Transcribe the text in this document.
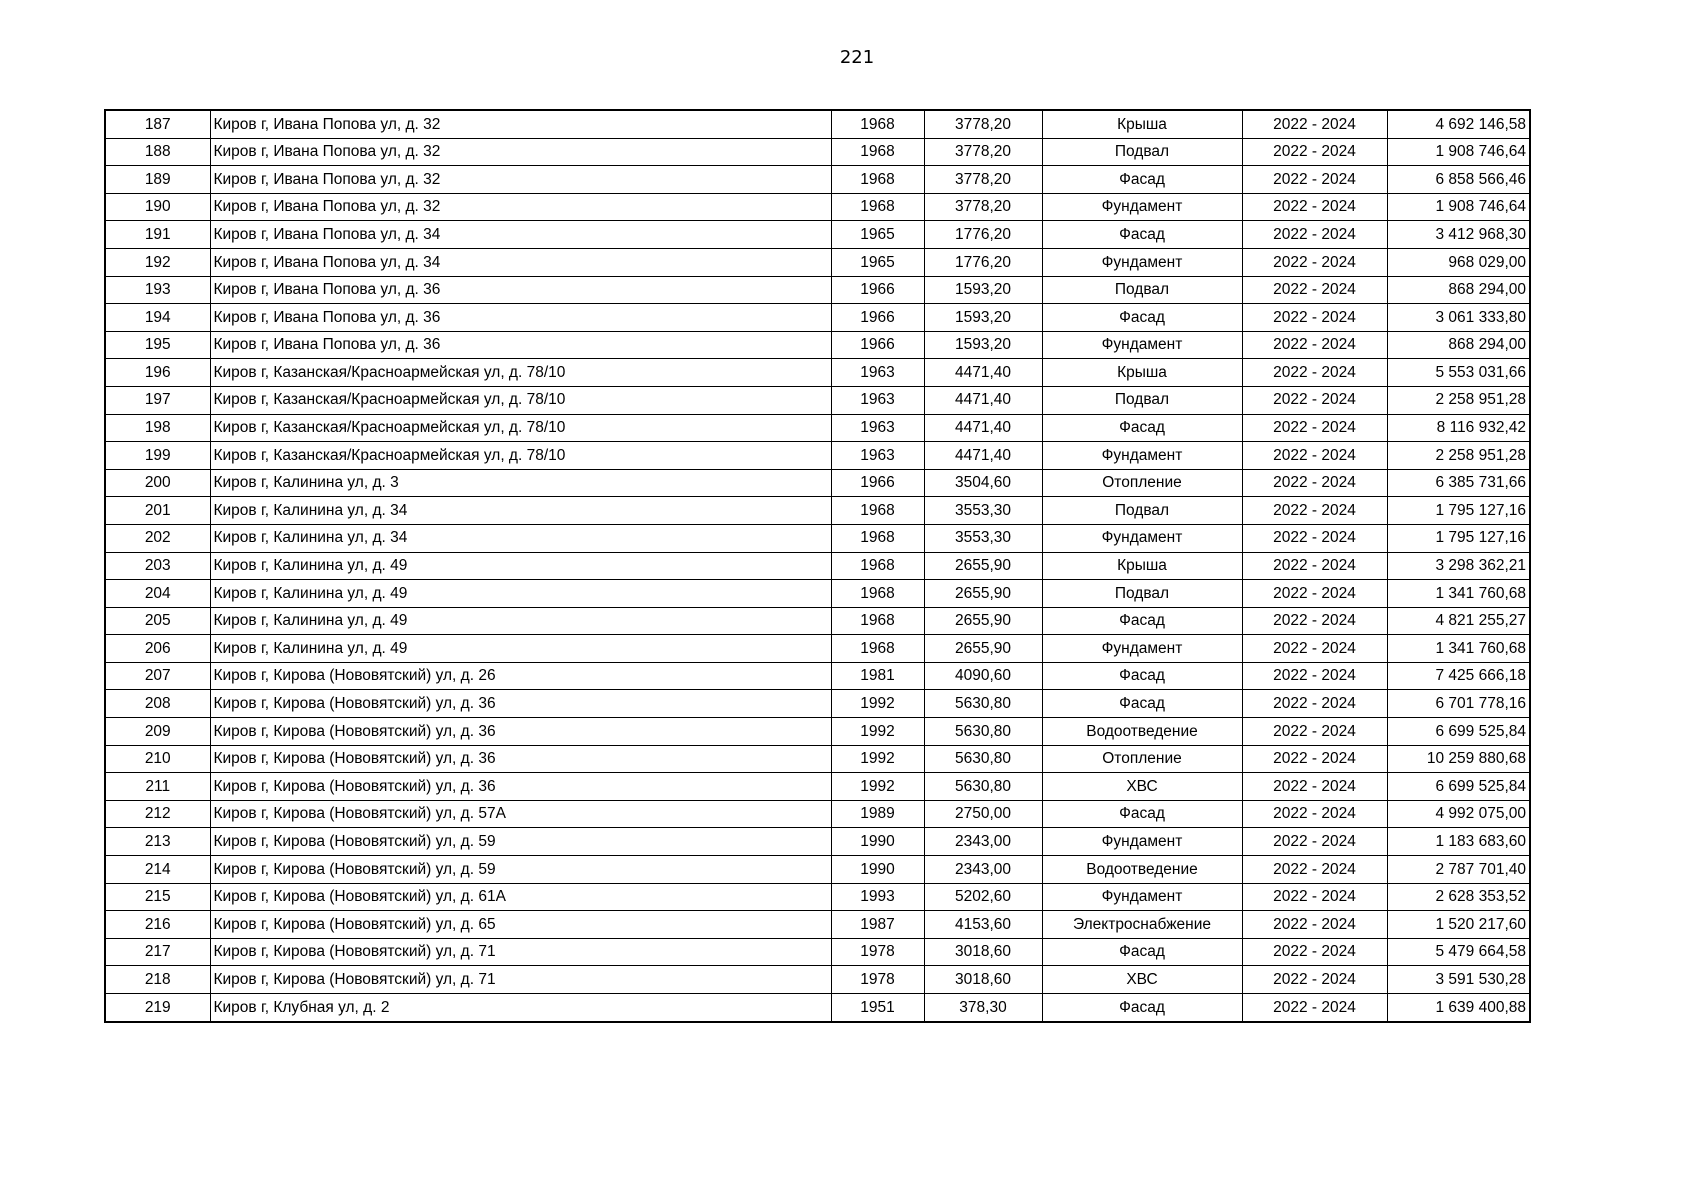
221
187	Киров г, Ивана Попова ул, д. 32	1968	3778,20	Крыша	2022 - 2024	4 692 146,58
188	Киров г, Ивана Попова ул, д. 32	1968	3778,20	Подвал	2022 - 2024	1 908 746,64
189	Киров г, Ивана Попова ул, д. 32	1968	3778,20	Фасад	2022 - 2024	6 858 566,46
190	Киров г, Ивана Попова ул, д. 32	1968	3778,20	Фундамент	2022 - 2024	1 908 746,64
191	Киров г, Ивана Попова ул, д. 34	1965	1776,20	Фасад	2022 - 2024	3 412 968,30
192	Киров г, Ивана Попова ул, д. 34	1965	1776,20	Фундамент	2022 - 2024	968 029,00
193	Киров г, Ивана Попова ул, д. 36	1966	1593,20	Подвал	2022 - 2024	868 294,00
194	Киров г, Ивана Попова ул, д. 36	1966	1593,20	Фасад	2022 - 2024	3 061 333,80
195	Киров г, Ивана Попова ул, д. 36	1966	1593,20	Фундамент	2022 - 2024	868 294,00
196	Киров г, Казанская/Красноармейская ул, д. 78/10	1963	4471,40	Крыша	2022 - 2024	5 553 031,66
197	Киров г, Казанская/Красноармейская ул, д. 78/10	1963	4471,40	Подвал	2022 - 2024	2 258 951,28
198	Киров г, Казанская/Красноармейская ул, д. 78/10	1963	4471,40	Фасад	2022 - 2024	8 116 932,42
199	Киров г, Казанская/Красноармейская ул, д. 78/10	1963	4471,40	Фундамент	2022 - 2024	2 258 951,28
200	Киров г, Калинина ул, д. 3	1966	3504,60	Отопление	2022 - 2024	6 385 731,66
201	Киров г, Калинина ул, д. 34	1968	3553,30	Подвал	2022 - 2024	1 795 127,16
202	Киров г, Калинина ул, д. 34	1968	3553,30	Фундамент	2022 - 2024	1 795 127,16
203	Киров г, Калинина ул, д. 49	1968	2655,90	Крыша	2022 - 2024	3 298 362,21
204	Киров г, Калинина ул, д. 49	1968	2655,90	Подвал	2022 - 2024	1 341 760,68
205	Киров г, Калинина ул, д. 49	1968	2655,90	Фасад	2022 - 2024	4 821 255,27
206	Киров г, Калинина ул, д. 49	1968	2655,90	Фундамент	2022 - 2024	1 341 760,68
207	Киров г, Кирова (Нововятский) ул, д. 26	1981	4090,60	Фасад	2022 - 2024	7 425 666,18
208	Киров г, Кирова (Нововятский) ул, д. 36	1992	5630,80	Фасад	2022 - 2024	6 701 778,16
209	Киров г, Кирова (Нововятский) ул, д. 36	1992	5630,80	Водоотведение	2022 - 2024	6 699 525,84
210	Киров г, Кирова (Нововятский) ул, д. 36	1992	5630,80	Отопление	2022 - 2024	10 259 880,68
211	Киров г, Кирова (Нововятский) ул, д. 36	1992	5630,80	ХВС	2022 - 2024	6 699 525,84
212	Киров г, Кирова (Нововятский) ул, д. 57А	1989	2750,00	Фасад	2022 - 2024	4 992 075,00
213	Киров г, Кирова (Нововятский) ул, д. 59	1990	2343,00	Фундамент	2022 - 2024	1 183 683,60
214	Киров г, Кирова (Нововятский) ул, д. 59	1990	2343,00	Водоотведение	2022 - 2024	2 787 701,40
215	Киров г, Кирова (Нововятский) ул, д. 61А	1993	5202,60	Фундамент	2022 - 2024	2 628 353,52
216	Киров г, Кирова (Нововятский) ул, д. 65	1987	4153,60	Электроснабжение	2022 - 2024	1 520 217,60
217	Киров г, Кирова (Нововятский) ул, д. 71	1978	3018,60	Фасад	2022 - 2024	5 479 664,58
218	Киров г, Кирова (Нововятский) ул, д. 71	1978	3018,60	ХВС	2022 - 2024	3 591 530,28
219	Киров г, Клубная ул, д. 2	1951	378,30	Фасад	2022 - 2024	1 639 400,88
